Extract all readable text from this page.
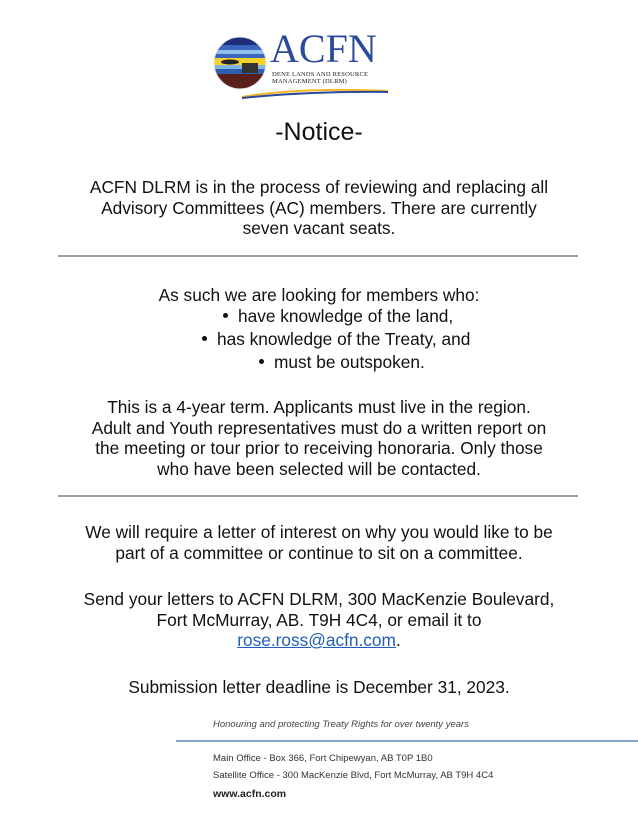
ACFN
DENE LANDS AND RESOURCE
MANAGEMENT (DLRM)
-Notice-
ACFN DLRM is in the process of reviewing and replacing all
Advisory Committees (AC) members. There are currently
seven vacant seats.
As such we are looking for members who:
have knowledge of the land,
has knowledge of the Treaty, and
must be outspoken.
This is a 4-year term. Applicants must live in the region.
Adult and Youth representatives must do a written report on
the meeting or tour prior to receiving honoraria. Only those
who have been selected will be contacted.
We will require a letter of interest on why you would like to be
part of a committee or continue to sit on a committee.
Send your letters to ACFN DLRM, 300 MacKenzie Boulevard,
Fort McMurray, AB. T9H 4C4, or email it to
rose.ross@acfn.com.
Submission letter deadline is December 31, 2023.
Honouring and protecting Treaty Rights for over twenty years
Main Office - Box 366, Fort Chipewyan, AB T0P 1B0
Satellite Office - 300 MacKenzie Blvd, Fort McMurray, AB T9H 4C4
www.acfn.com
